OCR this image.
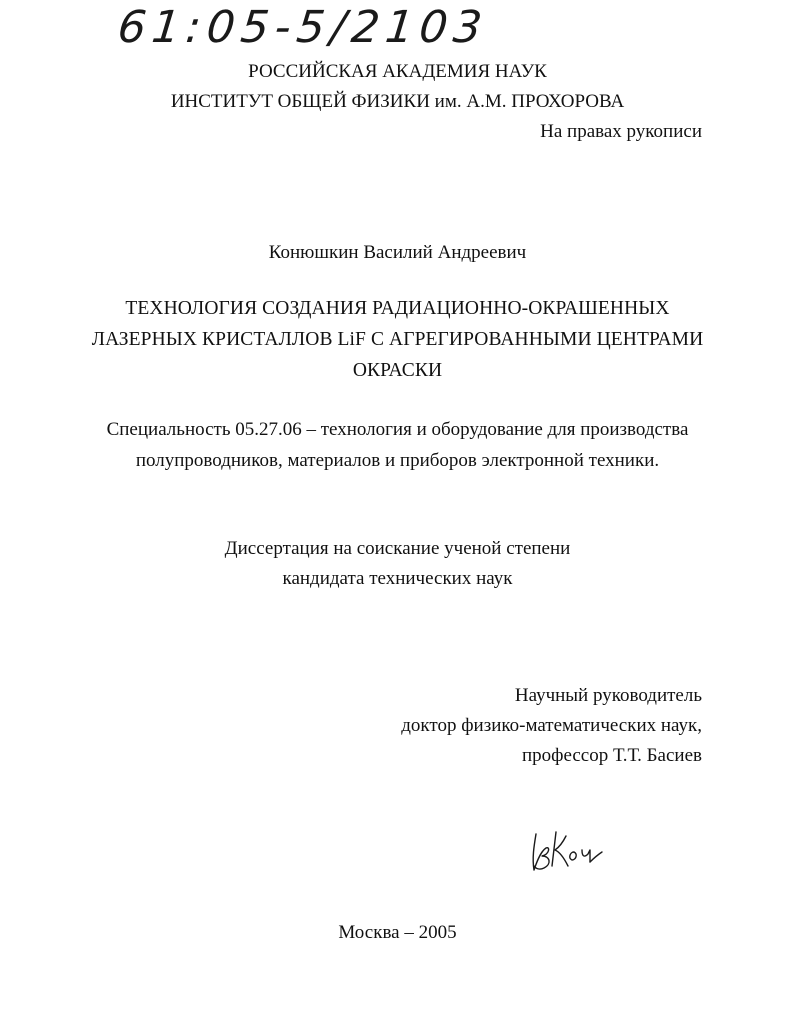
61:05-5/2103
РОССИЙСКАЯ АКАДЕМИЯ НАУК
ИНСТИТУТ ОБЩЕЙ ФИЗИКИ им. А.М. ПРОХОРОВА
На правах рукописи
Конюшкин Василий Андреевич
ТЕХНОЛОГИЯ СОЗДАНИЯ РАДИАЦИОННО-ОКРАШЕННЫХ
ЛАЗЕРНЫХ КРИСТАЛЛОВ LiF С АГРЕГИРОВАННЫМИ ЦЕНТРАМИ
ОКРАСКИ
Специальность 05.27.06 – технология и оборудование для производства
полупроводников, материалов и приборов электронной техники.
Диссертация на соискание ученой степени
кандидата технических наук
Научный руководитель
доктор физико-математических наук,
профессор Т.Т. Басиев
Москва – 2005
